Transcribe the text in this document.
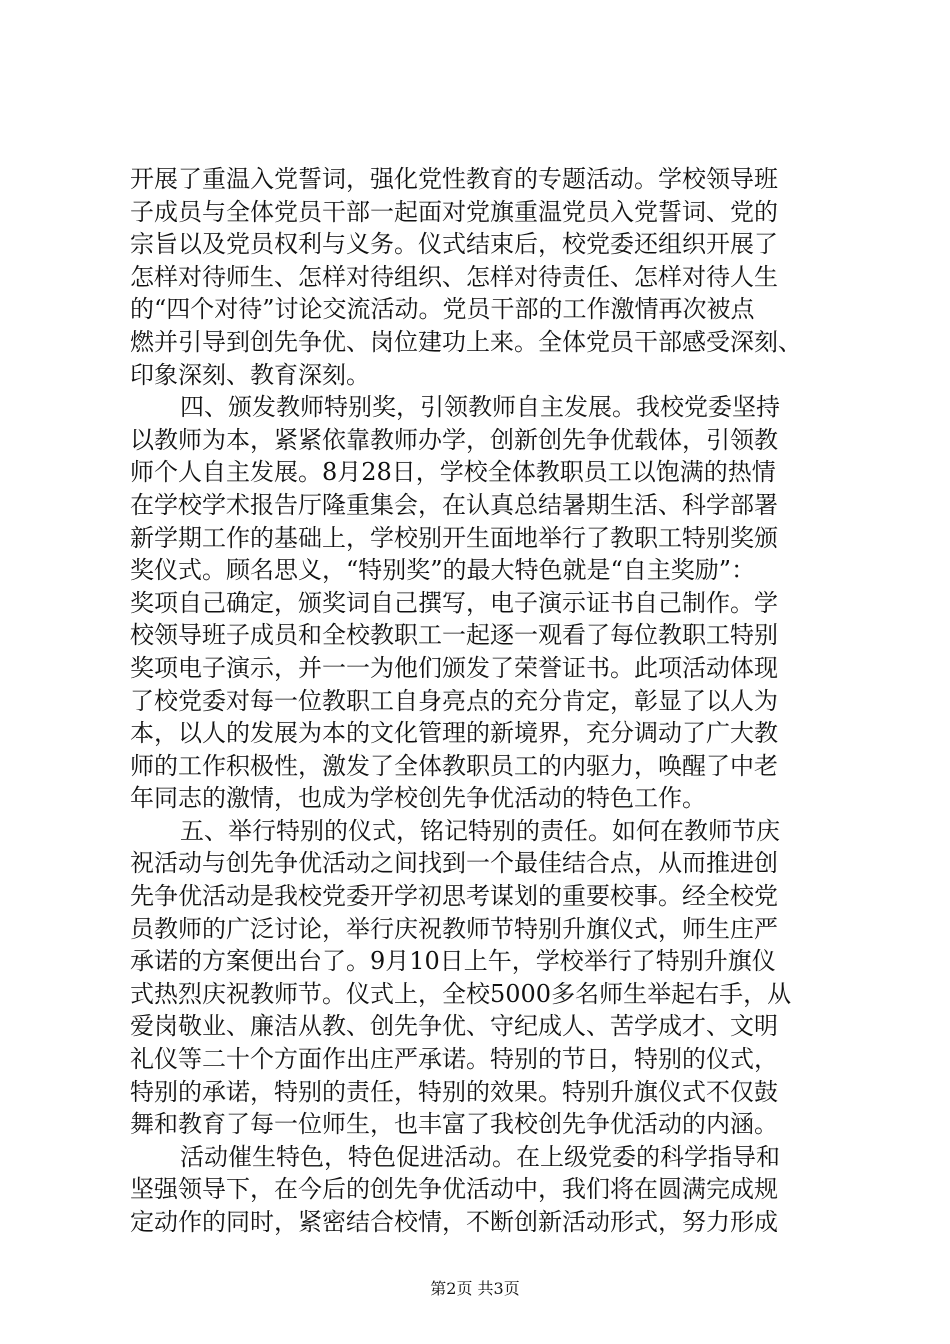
开展了重温入党誓词，强化党性教育的专题活动。学校领导班
子成员与全体党员干部一起面对党旗重温党员入党誓词、党的
宗旨以及党员权利与义务。仪式结束后，校党委还组织开展了
怎样对待师生、怎样对待组织、怎样对待责任、怎样对待人生
的“四个对待”讨论交流活动。党员干部的工作激情再次被点
燃并引导到创先争优、岗位建功上来。全体党员干部感受深刻、
印象深刻、教育深刻。
四、颁发教师特别奖，引领教师自主发展。我校党委坚持
以教师为本，紧紧依靠教师办学，创新创先争优载体，引领教
师个人自主发展。8月28日，学校全体教职员工以饱满的热情
在学校学术报告厅隆重集会，在认真总结暑期生活、科学部署
新学期工作的基础上，学校别开生面地举行了教职工特别奖颁
奖仪式。顾名思义，“特别奖”的最大特色就是“自主奖励”：
奖项自己确定，颁奖词自己撰写，电子演示证书自己制作。学
校领导班子成员和全校教职工一起逐一观看了每位教职工特别
奖项电子演示，并一一为他们颁发了荣誉证书。此项活动体现
了校党委对每一位教职工自身亮点的充分肯定，彰显了以人为
本，以人的发展为本的文化管理的新境界，充分调动了广大教
师的工作积极性，激发了全体教职员工的内驱力，唤醒了中老
年同志的激情，也成为学校创先争优活动的特色工作。
五、举行特别的仪式，铭记特别的责任。如何在教师节庆
祝活动与创先争优活动之间找到一个最佳结合点，从而推进创
先争优活动是我校党委开学初思考谋划的重要校事。经全校党
员教师的广泛讨论，举行庆祝教师节特别升旗仪式，师生庄严
承诺的方案便出台了。9月10日上午，学校举行了特别升旗仪
式热烈庆祝教师节。仪式上，全校5000多名师生举起右手，从
爱岗敬业、廉洁从教、创先争优、守纪成人、苦学成才、文明
礼仪等二十个方面作出庄严承诺。特别的节日，特别的仪式，
特别的承诺，特别的责任，特别的效果。特别升旗仪式不仅鼓
舞和教育了每一位师生，也丰富了我校创先争优活动的内涵。
活动催生特色，特色促进活动。在上级党委的科学指导和
坚强领导下，在今后的创先争优活动中，我们将在圆满完成规
定动作的同时，紧密结合校情，不断创新活动形式，努力形成
第2页 共3页
